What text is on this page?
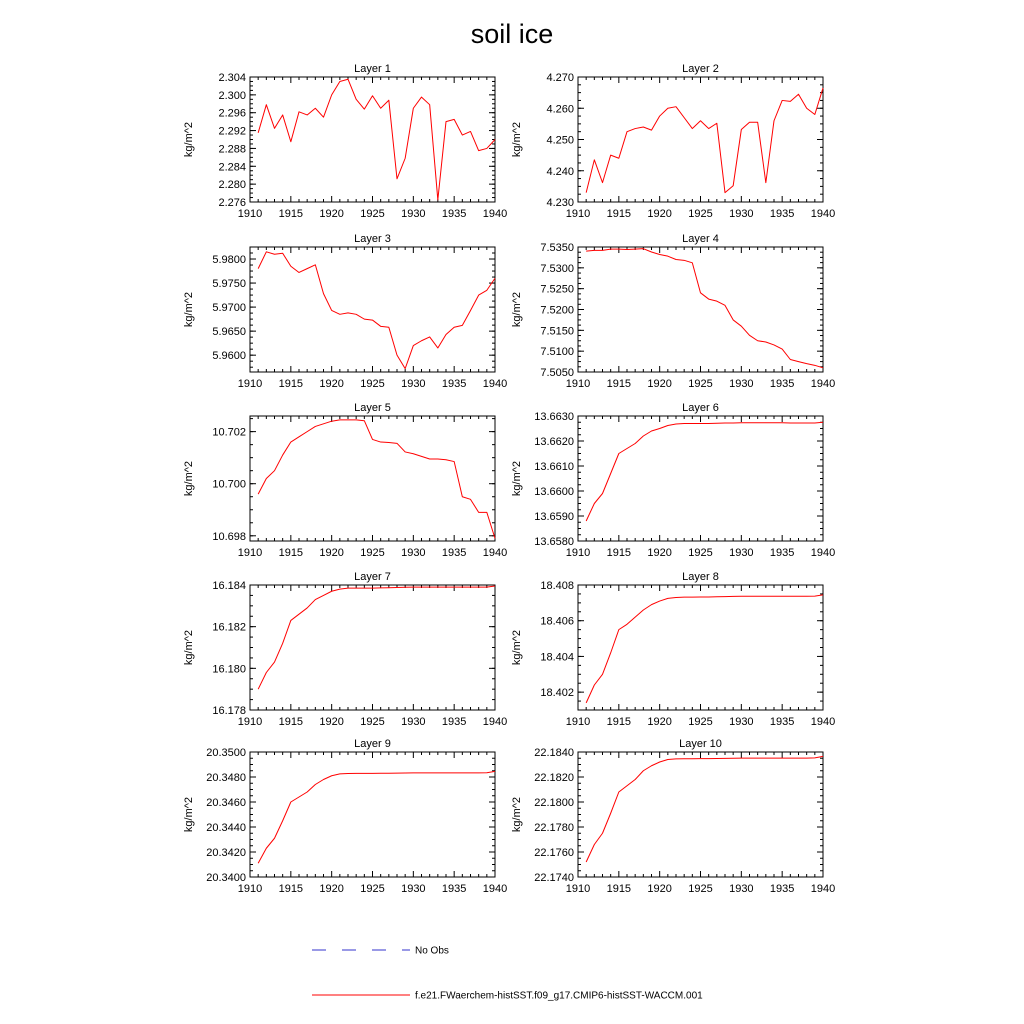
soil ice
Layer 1
kg/m^2
1910 1915 1920 1925 1930 1935 1940
2.276
2.280
2.284
2.288
2.292
2.296
2.300
2.304
Layer 2
kg/m^2
1910 1915 1920 1925 1930 1935 1940
4.230
4.240
4.250
4.260
4.270
Layer 3
kg/m^2
1910 1915 1920 1925 1930 1935 1940
5.9600
5.9650
5.9700
5.9750
5.9800
Layer 4
kg/m^2
1910 1915 1920 1925 1930 1935 1940
7.5050
7.5100
7.5150
7.5200
7.5250
7.5300
7.5350
Layer 5
kg/m^2
1910 1915 1920 1925 1930 1935 1940
10.698
10.700
10.702
Layer 6
kg/m^2
1910 1915 1920 1925 1930 1935 1940
13.6580
13.6590
13.6600
13.6610
13.6620
13.6630
Layer 7
kg/m^2
1910 1915 1920 1925 1930 1935 1940
16.178
16.180
16.182
16.184
Layer 8
kg/m^2
1910 1915 1920 1925 1930 1935 1940
18.402
18.404
18.406
18.408
Layer 9
kg/m^2
1910 1915 1920 1925 1930 1935 1940
20.3400
20.3420
20.3440
20.3460
20.3480
20.3500
Layer 10
kg/m^2
1910 1915 1920 1925 1930 1935 1940
22.1740
22.1760
22.1780
22.1800
22.1820
22.1840
No Obs
f.e21.FWaerchem-histSST.f09_g17.CMIP6-histSST-WACCM.001
